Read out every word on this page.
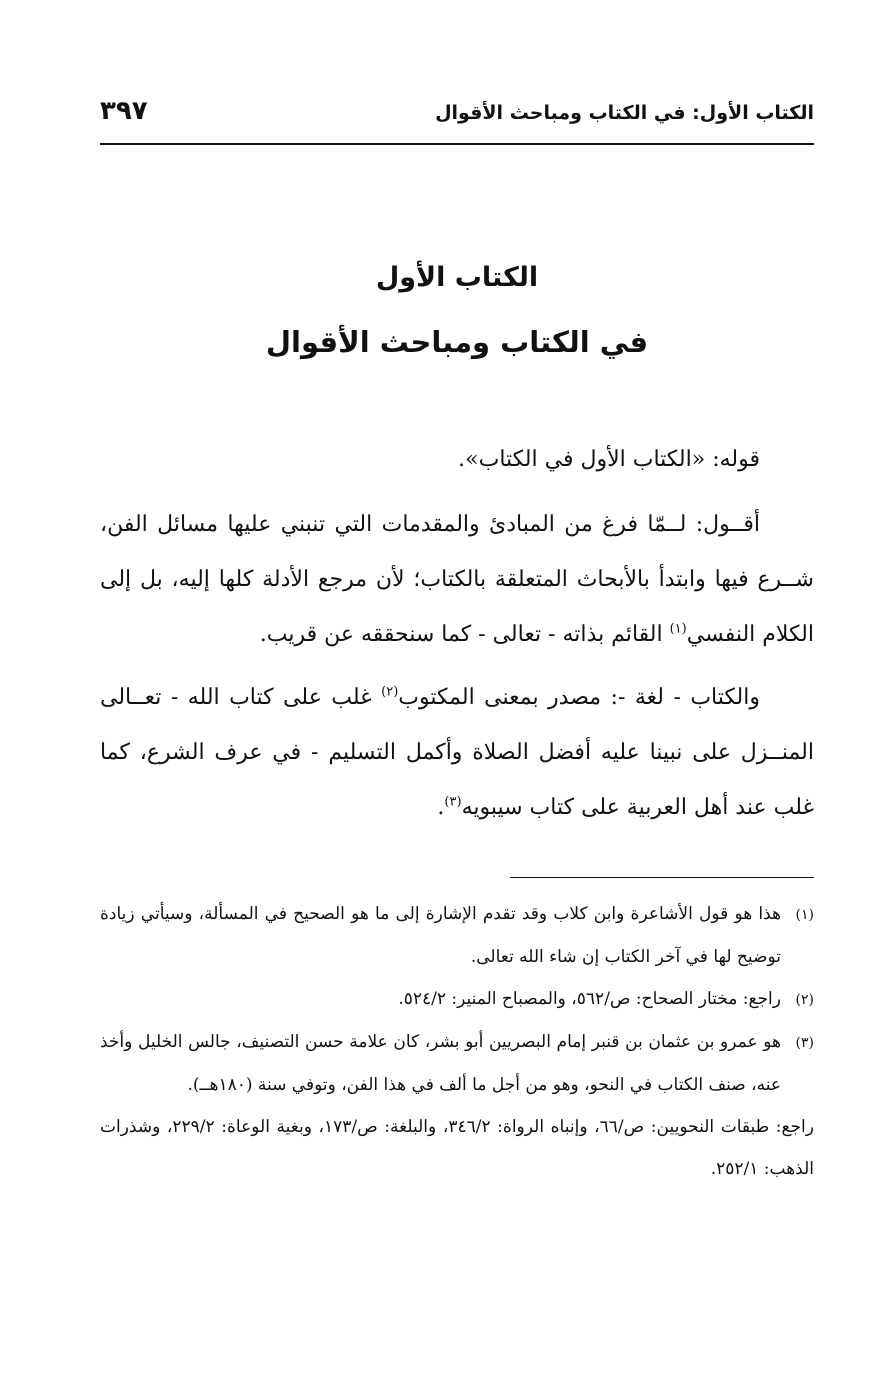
الكتاب الأول: في الكتاب ومباحث الأقوال
٣٩٧
الكتاب الأول
في الكتاب ومباحث الأقوال

قوله: «الكتاب الأول في الكتاب».

أقــول: لــمّا فرغ من المبادئ والمقدمات التي تنبني عليها مسائل الفن، شــرع فيها وابتدأ بالأبحاث المتعلقة بالكتاب؛ لأن مرجع الأدلة كلها إليه، بل إلى الكلام النفسي$^{(١)}$ القائم بذاته - تعالى - كما سنحققه عن قريب.

والكتاب - لغة -: مصدر بمعنى المكتوب$^{(٢)}$ غلب على كتاب الله - تعــالى المنــزل على نبينا عليه أفضل الصلاة وأكمل التسليم - في عرف الشرع، كما غلب عند أهل العربية على كتاب سيبويه$^{(٣)}$.

(١)هذا هو قول الأشاعرة وابن كلاب وقد تقدم الإشارة إلى ما هو الصحيح في المسألة، وسيأتي زيادة توضيح لها في آخر الكتاب إن شاء الله تعالى.

(٢)راجع: مختار الصحاح: ص/٥٦٢، والمصباح المنير: ٥٢٤/٢.

(٣)هو عمرو بن عثمان بن قنبر إمام البصريين أبو بشر، كان علامة حسن التصنيف، جالس الخليل وأخذ عنه، صنف الكتاب في النحو، وهو من أجل ما ألف في هذا الفن، وتوفي سنة (١٨٠هــ).

راجع: طبقات النحويين: ص/٦٦، وإنباه الرواة: ٣٤٦/٢، والبلغة: ص/١٧٣، وبغية الوعاة: ٢٢٩/٢، وشذرات الذهب: ٢٥٢/١.
